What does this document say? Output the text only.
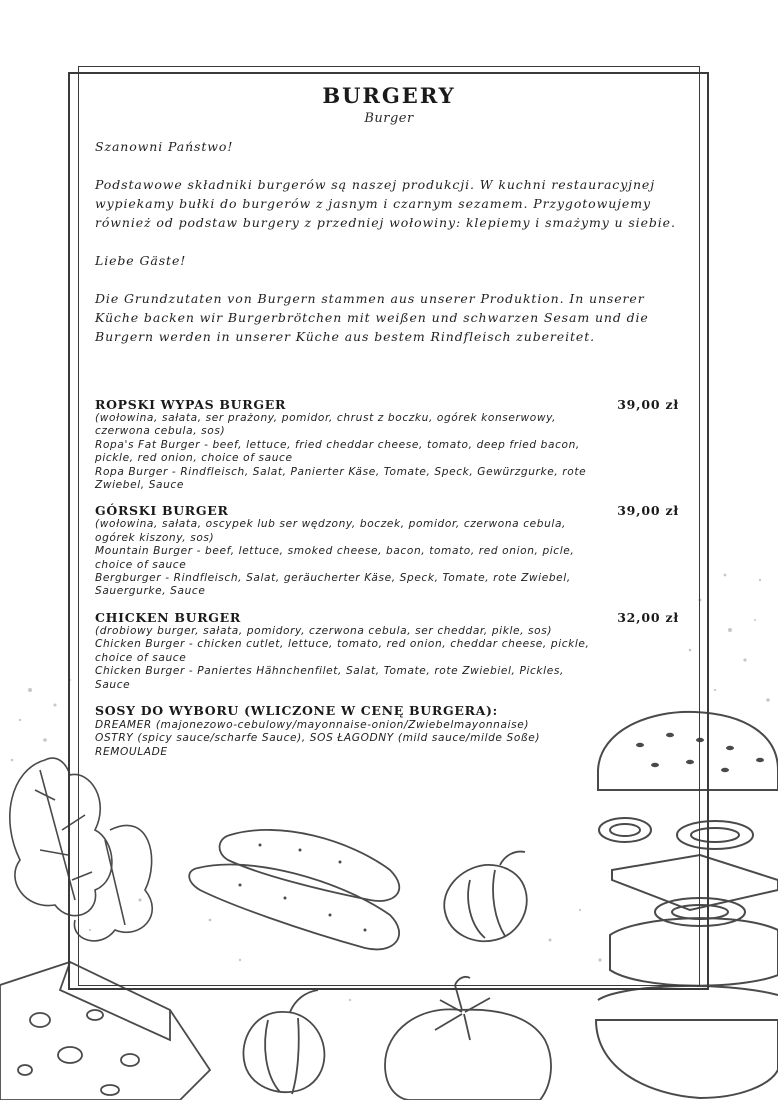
BURGERY
Burger

Szanowni Państwo!

Podstawowe składniki burgerów są naszej produkcji. W kuchni restauracyjnej wypiekamy bułki do burgerów z jasnym i czarnym sezamem. Przygotowujemy również od podstaw burgery z przedniej wołowiny: klepiemy i smażymy u siebie.

Liebe Gäste!

Die Grundzutaten von Burgern stammen aus unserer Produktion. In unserer Küche backen wir Burgerbrötchen mit weißen und schwarzen Sesam und die Burgern werden in unserer Küche aus bestem Rindfleisch zubereitet.

ROPSKI WYPAS BURGER	39,00 zł
(wołowina, sałata, ser prażony, pomidor, chrust z boczku, ogórek konserwowy, czerwona cebula, sos)
Ropa's Fat Burger - beef, lettuce, fried cheddar cheese, tomato, deep fried bacon, pickle, red onion, choice of sauce
Ropa Burger - Rindfleisch, Salat, Panierter Käse, Tomate, Speck, Gewürzgurke, rote Zwiebel, Sauce
GÓRSKI BURGER	39,00 zł
(wołowina, sałata, oscypek lub ser wędzony, boczek, pomidor, czerwona cebula, ogórek kiszony, sos)
Mountain Burger - beef, lettuce, smoked cheese, bacon, tomato, red onion, picle, choice of sauce
Bergburger - Rindfleisch, Salat, geräucherter Käse, Speck, Tomate, rote Zwiebel, Sauergurke, Sauce
CHICKEN BURGER	32,00 zł
(drobiowy burger, sałata, pomidory, czerwona cebula, ser cheddar, pikle, sos)
Chicken Burger - chicken cutlet, lettuce, tomato, red onion, cheddar cheese, pickle, choice of sauce
Chicken Burger - Paniertes Hähnchenfilet, Salat, Tomate, rote Zwiebiel, Pickles, Sauce
SOSY DO WYBORU (WLICZONE W CENĘ BURGERA):
DREAMER (majonezowo-cebulowy/mayonnaise-onion/Zwiebelmayonnaise)
OSTRY (spicy sauce/scharfe Sauce), SOS ŁAGODNY (mild sauce/milde Soße)
REMOULADE
